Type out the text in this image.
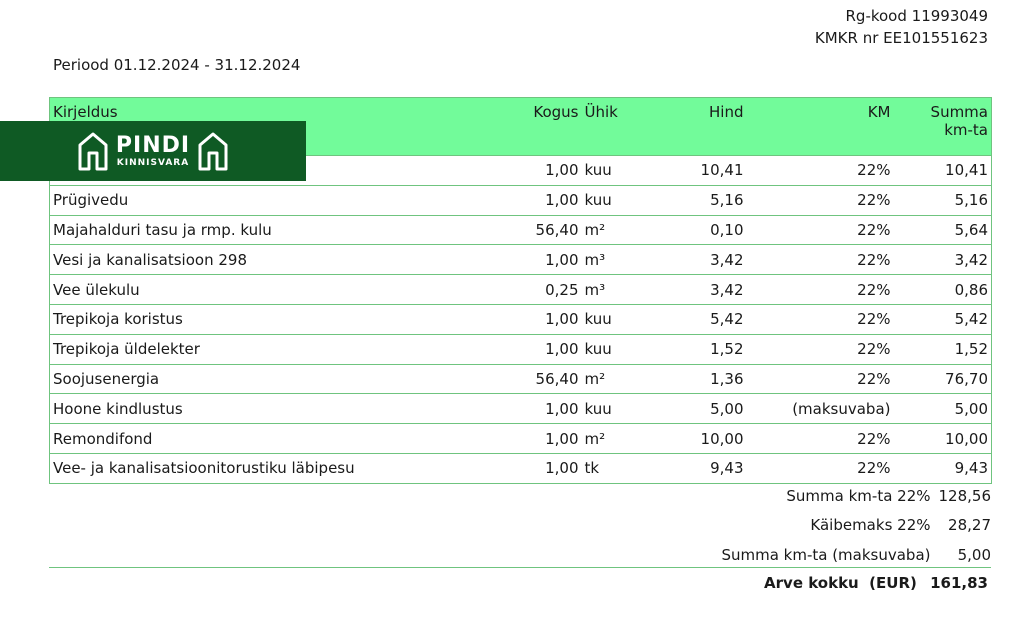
Rg-kood 11993049
KMKR nr EE101551623
Periood 01.12.2024 - 31.12.2024
Kirjeldus	Kogus	Ühik	Hind	KM	Summa
km-ta

	1,00	kuu	10,41	22%	10,41
Prügivedu	1,00	kuu	5,16	22%	5,16
Majahalduri tasu ja rmp. kulu	56,40	m²	0,10	22%	5,64
Vesi ja kanalisatsioon 298	1,00	m³	3,42	22%	3,42
Vee ülekulu	0,25	m³	3,42	22%	0,86
Trepikoja koristus	1,00	kuu	5,42	22%	5,42
Trepikoja üldelekter	1,00	kuu	1,52	22%	1,52
Soojusenergia	56,40	m²	1,36	22%	76,70
Hoone kindlustus	1,00	kuu	5,00	(maksuvaba)	5,00
Remondifond	1,00	m²	10,00	22%	10,00
Vee- ja kanalisatsioonitorustiku läbipesu	1,00	tk	9,43	22%	9,43
PINDI
KINNISVARA
Summa km-ta 22%	128,56
Käibemaks 22%	28,27
Summa km-ta (maksuvaba)	5,00
Arve kokku  (EUR) 161,83
